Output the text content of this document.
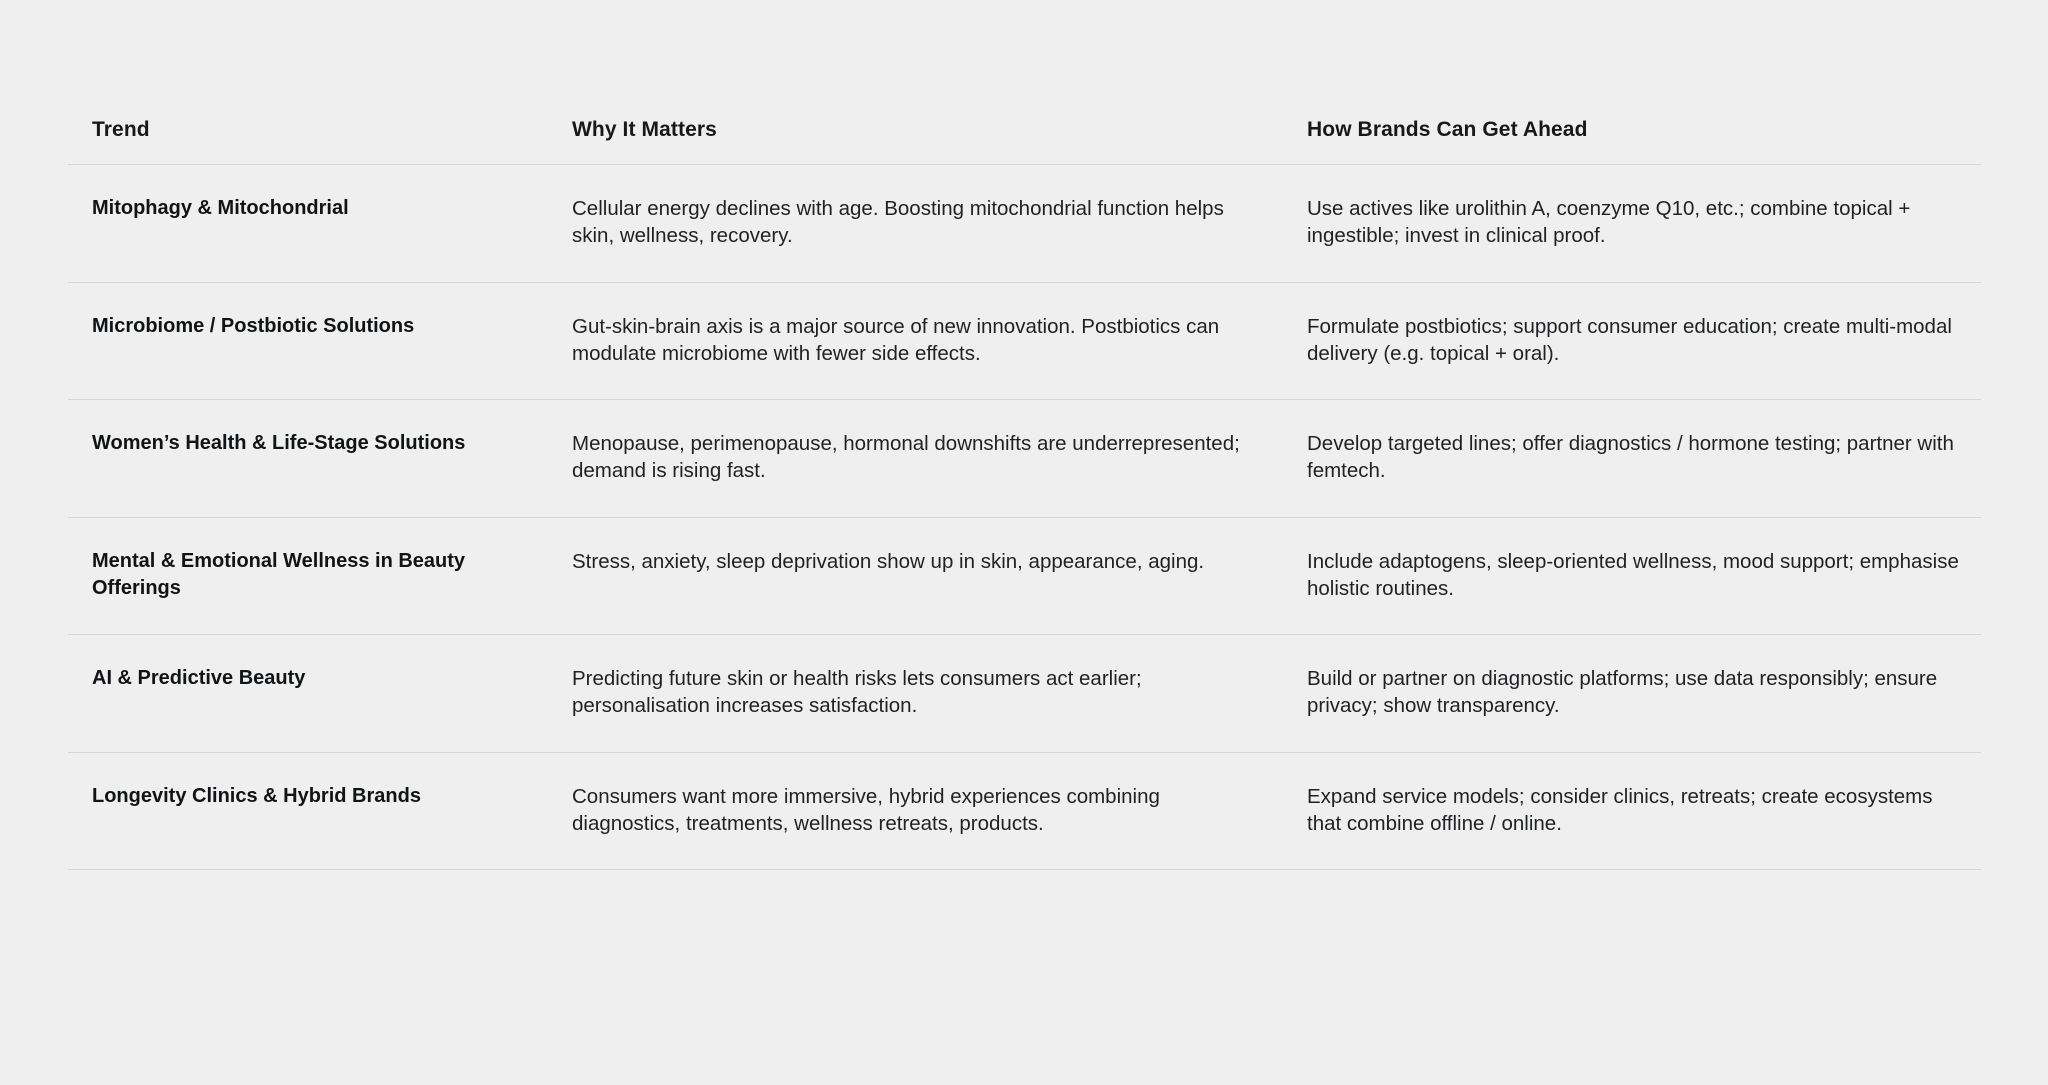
Trend	Why It Matters	How Brands Can Get Ahead
Mitophagy & Mitochondrial	Cellular energy declines with age. Boosting mitochondrial function helps skin, wellness, recovery.	Use actives like urolithin A, coenzyme Q10, etc.; combine topical + ingestible; invest in clinical proof.
Microbiome / Postbiotic Solutions	Gut-skin-brain axis is a major source of new innovation. Postbiotics can modulate microbiome with fewer side effects.	Formulate postbiotics; support consumer education; create multi-modal delivery (e.g. topical + oral).
Women’s Health & Life-Stage Solutions	Menopause, perimenopause, hormonal downshifts are underrepresented; demand is rising fast.	Develop targeted lines; offer diagnostics / hormone testing; partner with femtech.
Mental & Emotional Wellness in Beauty Offerings	Stress, anxiety, sleep deprivation show up in skin, appearance, aging.	Include adaptogens, sleep-oriented wellness, mood support; emphasise holistic routines.
AI & Predictive Beauty	Predicting future skin or health risks lets consumers act earlier; personalisation increases satisfaction.	Build or partner on diagnostic platforms; use data responsibly; ensure privacy; show transparency.
Longevity Clinics & Hybrid Brands	Consumers want more immersive, hybrid experiences combining diagnostics, treatments, wellness retreats, products.	Expand service models; consider clinics, retreats; create ecosystems that combine offline / online.
